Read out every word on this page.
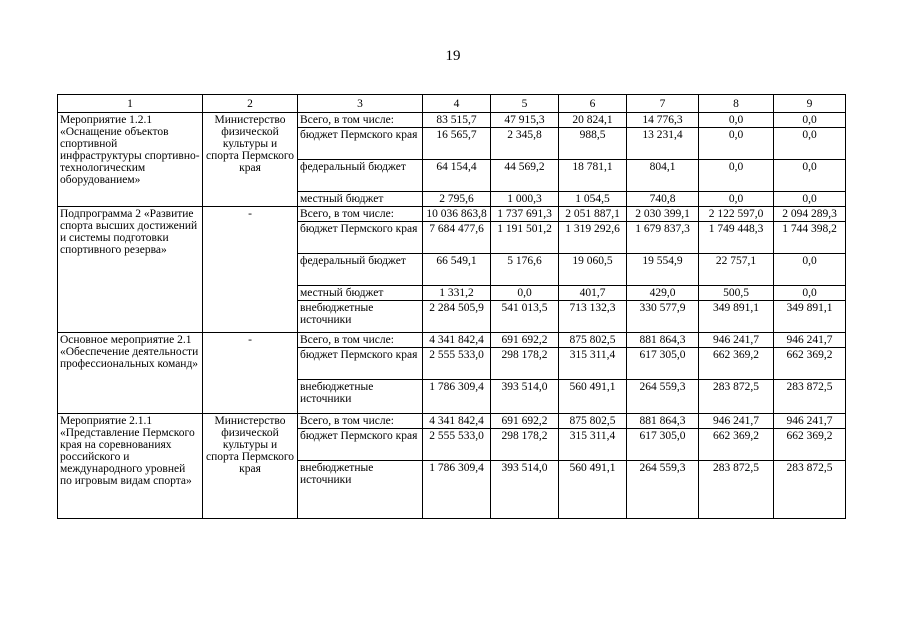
19
1	2	3	4	5	6	7	8	9
Мероприятие 1.2.1 «Оснащение объектов спортивной инфраструктуры спортивно-технологическим оборудованием»	Министерство физической культуры и спорта Пермского края	Всего, в том числе:	83 515,7	47 915,3	20 824,1	14 776,3	0,0	0,0
		бюджет Пермского края	16 565,7	2 345,8	988,5	13 231,4	0,0	0,0
		федеральный бюджет	64 154,4	44 569,2	18 781,1	804,1	0,0	0,0
		местный бюджет	2 795,6	1 000,3	1 054,5	740,8	0,0	0,0
Подпрограмма 2 «Развитие спорта высших достижений и системы подготовки спортивного резерва»	-	Всего, в том числе:	10 036 863,8	1 737 691,3	2 051 887,1	2 030 399,1	2 122 597,0	2 094 289,3
		бюджет Пермского края	7 684 477,6	1 191 501,2	1 319 292,6	1 679 837,3	1 749 448,3	1 744 398,2
		федеральный бюджет	66 549,1	5 176,6	19 060,5	19 554,9	22 757,1	0,0
		местный бюджет	1 331,2	0,0	401,7	429,0	500,5	0,0
		внебюджетные источники	2 284 505,9	541 013,5	713 132,3	330 577,9	349 891,1	349 891,1
Основное мероприятие 2.1 «Обеспечение деятельности профессиональных команд»	-	Всего, в том числе:	4 341 842,4	691 692,2	875 802,5	881 864,3	946 241,7	946 241,7
		бюджет Пермского края	2 555 533,0	298 178,2	315 311,4	617 305,0	662 369,2	662 369,2
		внебюджетные источники	1 786 309,4	393 514,0	560 491,1	264 559,3	283 872,5	283 872,5
Мероприятие 2.1.1 «Представление Пермского края на соревнованиях российского и международного уровней по игровым видам спорта»	Министерство физической культуры и спорта Пермского края	Всего, в том числе:	4 341 842,4	691 692,2	875 802,5	881 864,3	946 241,7	946 241,7
		бюджет Пермского края	2 555 533,0	298 178,2	315 311,4	617 305,0	662 369,2	662 369,2
		внебюджетные источники	1 786 309,4	393 514,0	560 491,1	264 559,3	283 872,5	283 872,5
